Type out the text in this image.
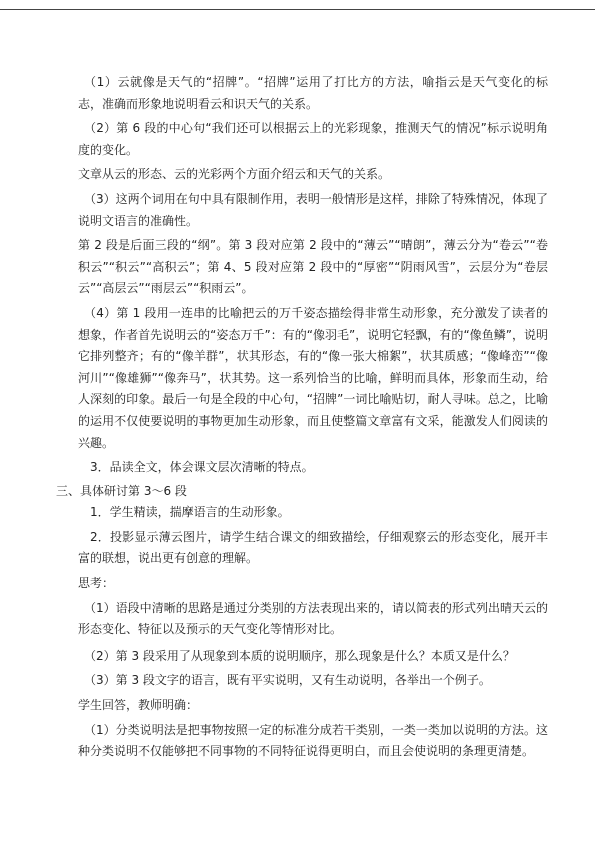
（1）云就像是天气的“招牌”。“招牌”运用了打比方的方法，喻指云是天气变化的标志，准确而形象地说明看云和识天气的关系。

（2）第 6 段的中心句“我们还可以根据云上的光彩现象，推测天气的情况”标示说明角度的变化。

文章从云的形态、云的光彩两个方面介绍云和天气的关系。

（3）这两个词用在句中具有限制作用，表明一般情形是这样，排除了特殊情况，体现了说明文语言的准确性。

第 2 段是后面三段的“纲”。第 3 段对应第 2 段中的“薄云”“晴朗”，薄云分为“卷云”“卷积云”“积云”“高积云”；第 4、5 段对应第 2 段中的“厚密”“阴雨风雪”，云层分为“卷层云”“高层云”“雨层云”“积雨云”。

（4）第 1 段用一连串的比喻把云的万千姿态描绘得非常生动形象，充分激发了读者的想象，作者首先说明云的“姿态万千”：有的“像羽毛”，说明它轻飘，有的“像鱼鳞”，说明它排列整齐；有的“像羊群”，状其形态，有的“像一张大棉絮”，状其质感；“像峰峦”“像河川”“像雄狮”“像奔马”，状其势。这一系列恰当的比喻，鲜明而具体，形象而生动，给人深刻的印象。最后一句是全段的中心句，“招牌”一词比喻贴切，耐人寻味。总之，比喻的运用不仅使要说明的事物更加生动形象，而且使整篇文章富有文采，能激发人们阅读的兴趣。

3．品读全文，体会课文层次清晰的特点。

三、具体研讨第 3～6 段

1．学生精读，揣摩语言的生动形象。

2．投影显示薄云图片，请学生结合课文的细致描绘，仔细观察云的形态变化，展开丰富的联想，说出更有创意的理解。

思考：

（1）语段中清晰的思路是通过分类别的方法表现出来的，请以简表的形式列出晴天云的形态变化、特征以及预示的天气变化等情形对比。

（2）第 3 段采用了从现象到本质的说明顺序，那么现象是什么？本质又是什么？

（3）第 3 段文字的语言，既有平实说明，又有生动说明，各举出一个例子。

学生回答，教师明确：

（1）分类说明法是把事物按照一定的标准分成若干类别，一类一类加以说明的方法。这种分类说明不仅能够把不同事物的不同特征说得更明白，而且会使说明的条理更清楚。
